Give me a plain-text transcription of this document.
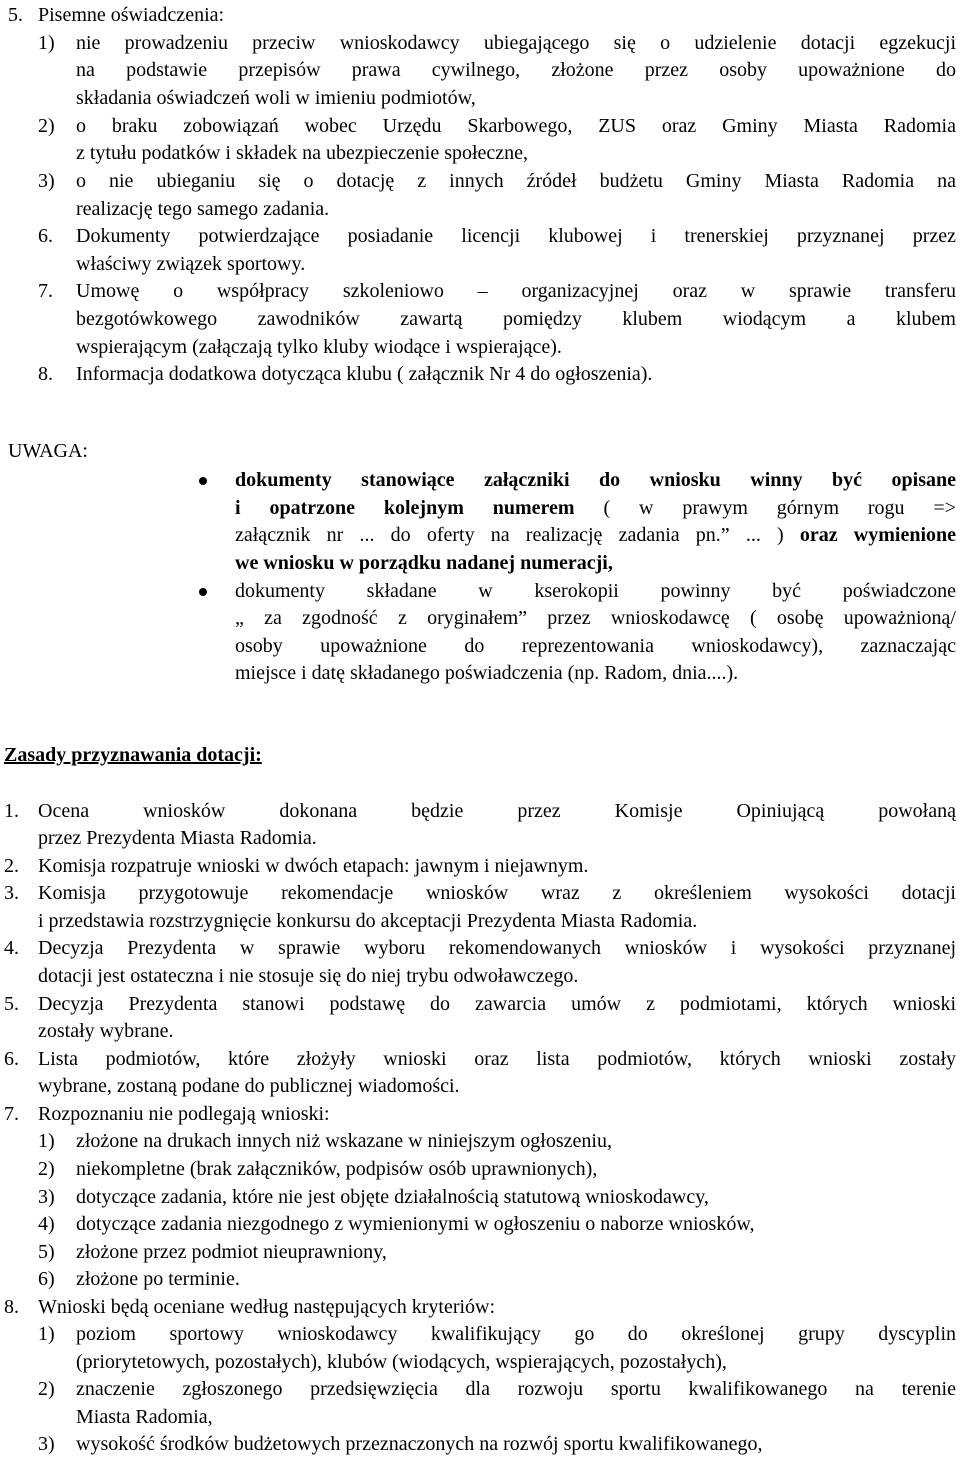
5. Pisemne oświadczenia:
1) nie prowadzeniu przeciw wnioskodawcy ubiegającego się o udzielenie dotacji egzekucji

na podstawie przepisów prawa cywilnego, złożone przez osoby upoważnione do

składania oświadczeń woli w imieniu podmiotów,

2) o braku zobowiązań wobec Urzędu Skarbowego, ZUS oraz Gminy Miasta Radomia

z tytułu podatków i składek na ubezpieczenie społeczne,

3) o nie ubieganiu się o dotację z innych źródeł budżetu Gminy Miasta Radomia na

realizację tego samego zadania.

6. Dokumenty potwierdzające posiadanie licencji klubowej i trenerskiej przyznanej przez

właściwy związek sportowy.

7. Umowę o współpracy szkoleniowo – organizacyjnej oraz w sprawie transferu

bezgotówkowego zawodników zawartą pomiędzy klubem wiodącym a klubem

wspierającym (załączają tylko kluby wiodące i wspierające).

8. Informacja dodatkowa dotycząca klubu ( załącznik Nr 4 do ogłoszenia).
UWAGA:

dokumenty stanowiące załączniki do wniosku winny być opisane

i opatrzone kolejnym numerem ( w prawym górnym rogu =>

załącznik nr ... do oferty na realizację zadania pn.” ... ) oraz wymienione

we wniosku w porządku nadanej numeracji,

dokumenty składane w kserokopii powinny być poświadczone

„ za zgodność z oryginałem” przez wnioskodawcę ( osobę upoważnioną/

osoby upoważnione do reprezentowania wnioskodawcy), zaznaczając

miejsce i datę składanego poświadczenia (np. Radom, dnia....).

Zasady przyznawania dotacji:
1. Ocena wniosków dokonana będzie przez Komisje Opiniującą powołaną

przez Prezydenta Miasta Radomia.

2. Komisja rozpatruje wnioski w dwóch etapach: jawnym i niejawnym.
3. Komisja przygotowuje rekomendacje wniosków wraz z określeniem wysokości dotacji

i przedstawia rozstrzygnięcie konkursu do akceptacji Prezydenta Miasta Radomia.

4. Decyzja Prezydenta w sprawie wyboru rekomendowanych wniosków i wysokości przyznanej

dotacji jest ostateczna i nie stosuje się do niej trybu odwoławczego.

5. Decyzja Prezydenta stanowi podstawę do zawarcia umów z podmiotami, których wnioski

zostały wybrane.

6. Lista podmiotów, które złożyły wnioski oraz lista podmiotów, których wnioski zostały

wybrane, zostaną podane do publicznej wiadomości.

7. Rozpoznaniu nie podlegają wnioski:
1) złożone na drukach innych niż wskazane w niniejszym ogłoszeniu,
2) niekompletne (brak załączników, podpisów osób uprawnionych),
3) dotyczące zadania, które nie jest objęte działalnością statutową wnioskodawcy,
4) dotyczące zadania niezgodnego z wymienionymi w ogłoszeniu o naborze wniosków,
5) złożone przez podmiot nieuprawniony,
6) złożone po terminie.
8. Wnioski będą oceniane według następujących kryteriów:
1) poziom sportowy wnioskodawcy kwalifikujący go do określonej grupy dyscyplin

(priorytetowych, pozostałych), klubów (wiodących, wspierających, pozostałych),

2) znaczenie zgłoszonego przedsięwzięcia dla rozwoju sportu kwalifikowanego na terenie

Miasta Radomia,

3) wysokość środków budżetowych przeznaczonych na rozwój sportu kwalifikowanego,
